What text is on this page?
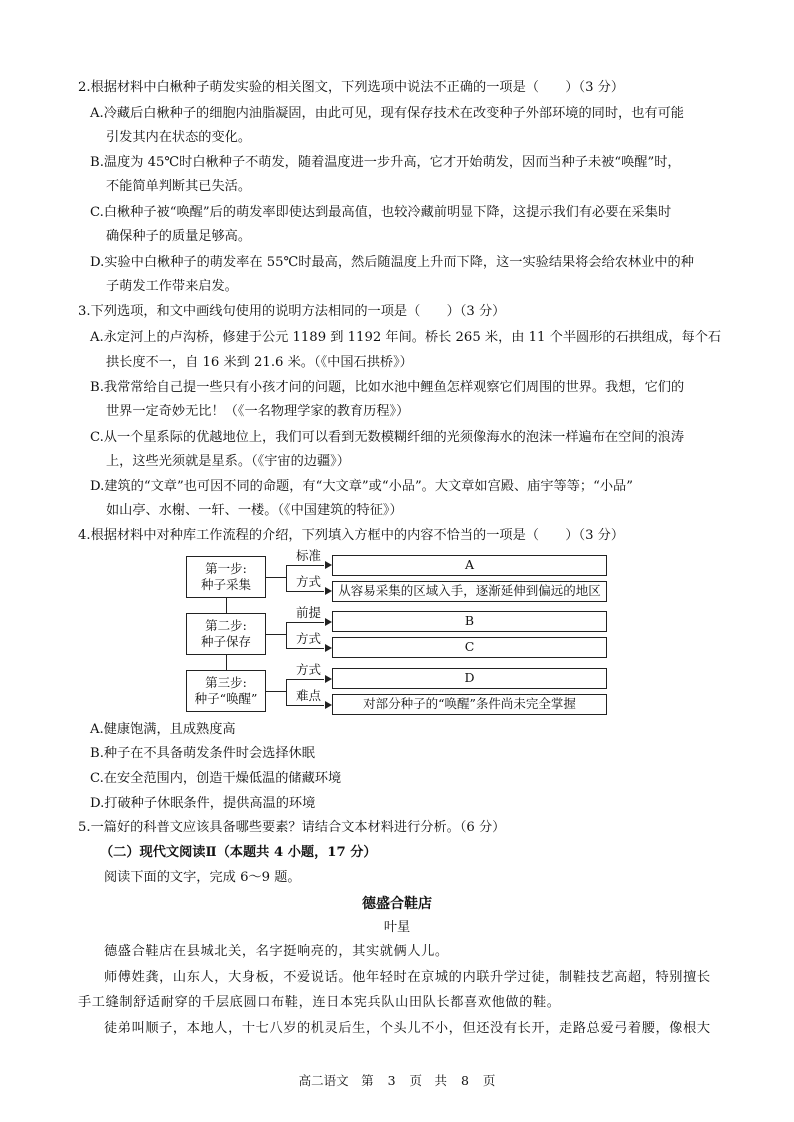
2.根据材料中白楸种子萌发实验的相关图文，下列选项中说法不正确的一项是（　　）（3 分）
A.冷藏后白楸种子的细胞内油脂凝固，由此可见，现有保存技术在改变种子外部环境的同时，也有可能
引发其内在状态的变化。
B.温度为 45℃时白楸种子不萌发，随着温度进一步升高，它才开始萌发，因而当种子未被“唤醒”时，
不能简单判断其已失活。
C.白楸种子被“唤醒”后的萌发率即使达到最高值，也较冷藏前明显下降，这提示我们有必要在采集时
确保种子的质量足够高。
D.实验中白楸种子的萌发率在 55℃时最高，然后随温度上升而下降，这一实验结果将会给农林业中的种
子萌发工作带来启发。
3.下列选项，和文中画线句使用的说明方法相同的一项是（　　）（3 分）
A.永定河上的卢沟桥，修建于公元 1189 到 1192 年间。桥长 265 米，由 11 个半圆形的石拱组成，每个石
拱长度不一，自 16 米到 21.6 米。（《中国石拱桥》）
B.我常常给自己提一些只有小孩才问的问题，比如水池中鲤鱼怎样观察它们周围的世界。我想，它们的
世界一定奇妙无比！（《一名物理学家的教育历程》）
C.从一个星系际的优越地位上，我们可以看到无数模糊纤细的光须像海水的泡沫一样遍布在空间的浪涛
上，这些光须就是星系。（《宇宙的边疆》）
D.建筑的“文章”也可因不同的命题，有“大文章”或“小品”。大文章如宫殿、庙宇等等；“小品”
如山亭、水榭、一轩、一楼。（《中国建筑的特征》）
4.根据材料中对种库工作流程的介绍，下列填入方框中的内容不恰当的一项是（　　）（3 分）
第一步:
种子采集
第二步:
种子保存
第三步:
种子“唤醒”
标准
方式
A
从容易采集的区域入手，逐渐延伸到偏远的地区
前提
方式
B
C
方式
难点
D
对部分种子的“唤醒”条件尚未完全掌握
A.健康饱满，且成熟度高
B.种子在不具备萌发条件时会选择休眠
C.在安全范围内，创造干燥低温的储藏环境
D.打破种子休眠条件，提供高温的环境
5.一篇好的科普文应该具备哪些要素？请结合文本材料进行分析。（6 分）
（二）现代文阅读Ⅱ（本题共 4 小题，17 分）
阅读下面的文字，完成 6～9 题。
德盛合鞋店
叶星
德盛合鞋店在县城北关，名字挺响亮的，其实就俩人儿。
师傅姓龚，山东人，大身板，不爱说话。他年轻时在京城的内联升学过徒，制鞋技艺高超，特别擅长
手工缝制舒适耐穿的千层底圆口布鞋，连日本宪兵队山田队长都喜欢他做的鞋。
徒弟叫顺子，本地人，十七八岁的机灵后生，个头儿不小，但还没有长开，走路总爱弓着腰，像根大
高二语文　第 3 页　共 8 页
